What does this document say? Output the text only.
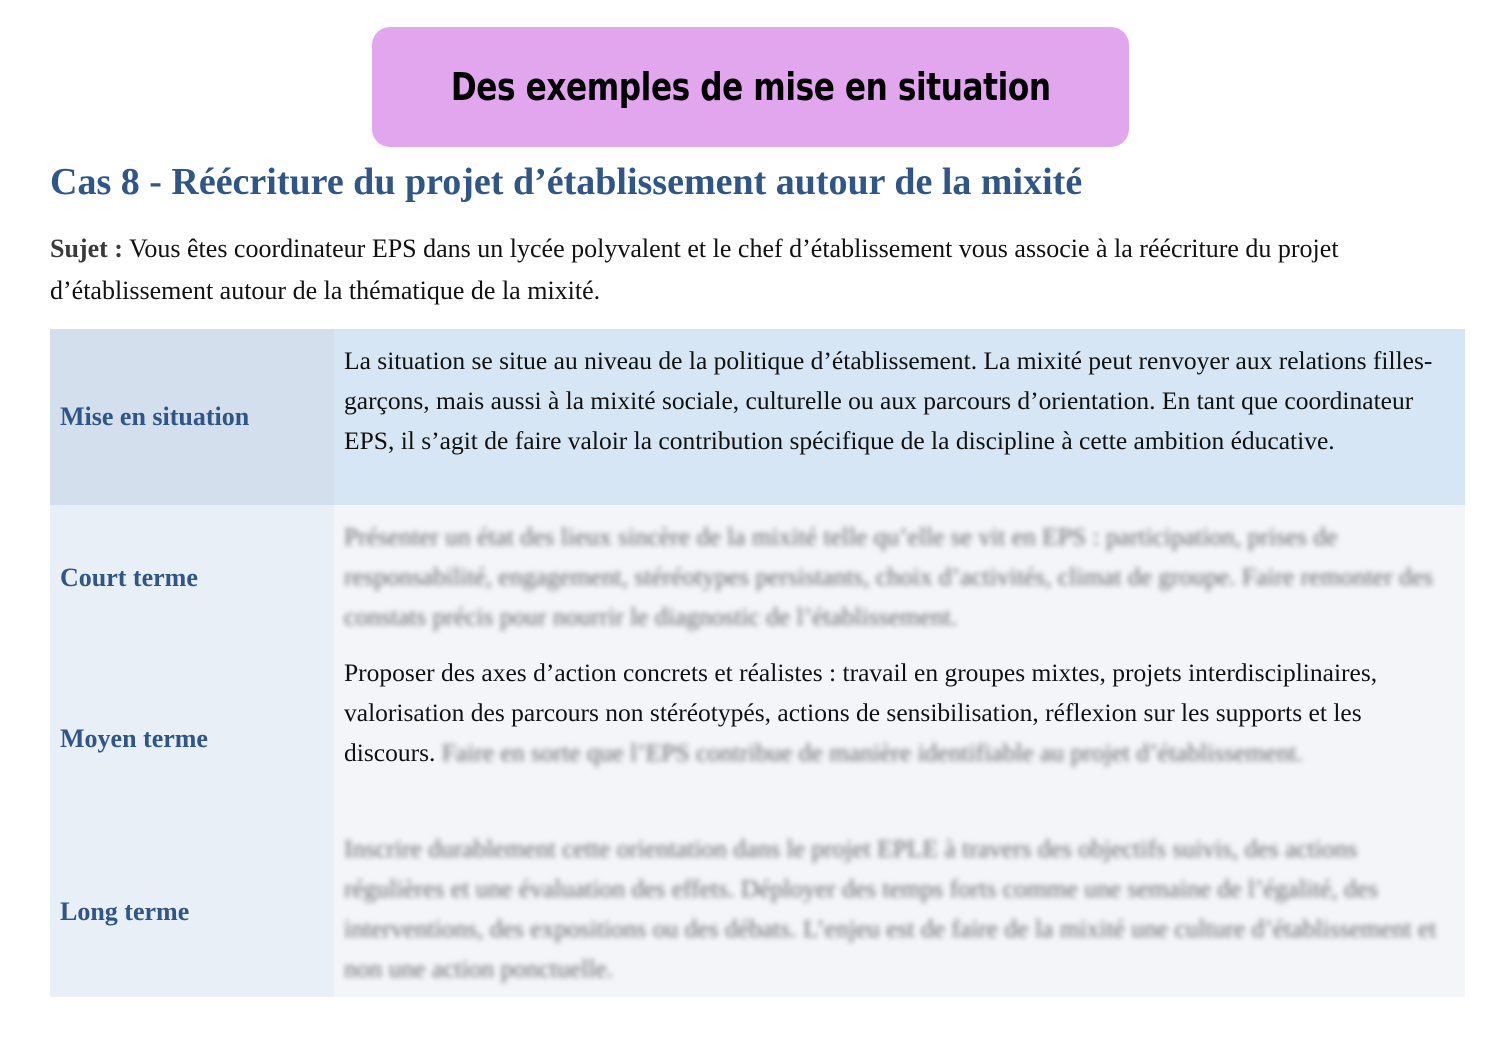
Des exemples de mise en situation
Cas 8 - Réécriture du projet d’établissement autour de la mixité

Sujet : Vous êtes coordinateur EPS dans un lycée polyvalent et le chef d’établissement vous associe à la réécriture du projet d’établissement autour de la thématique de la mixité.

Mise en situation
La situation se situe au niveau de la politique d’établissement. La mixité peut renvoyer aux relations filles-garçons, mais aussi à la mixité sociale, culturelle ou aux parcours d’orientation. En tant que coordinateur EPS, il s’agit de faire valoir la contribution spécifique de la discipline à cette ambition éducative.
Court terme
Présenter un état des lieux sincère de la mixité telle qu’elle se vit en EPS : participation, prises de responsabilité, engagement, stéréotypes persistants, choix d’activités, climat de groupe. Faire remonter des constats précis pour nourrir le diagnostic de l’établissement.
Moyen terme
Proposer des axes d’action concrets et réalistes : travail en groupes mixtes, projets interdisciplinaires, valorisation des parcours non stéréotypés, actions de sensibilisation, réflexion sur les supports et les discours. Faire en sorte que l’EPS contribue de manière identifiable au projet d’établissement.
Long terme
Inscrire durablement cette orientation dans le projet EPLE à travers des objectifs suivis, des actions régulières et une évaluation des effets. Déployer des temps forts comme une semaine de l’égalité, des interventions, des expositions ou des débats. L’enjeu est de faire de la mixité une culture d’établissement et non une action ponctuelle.
